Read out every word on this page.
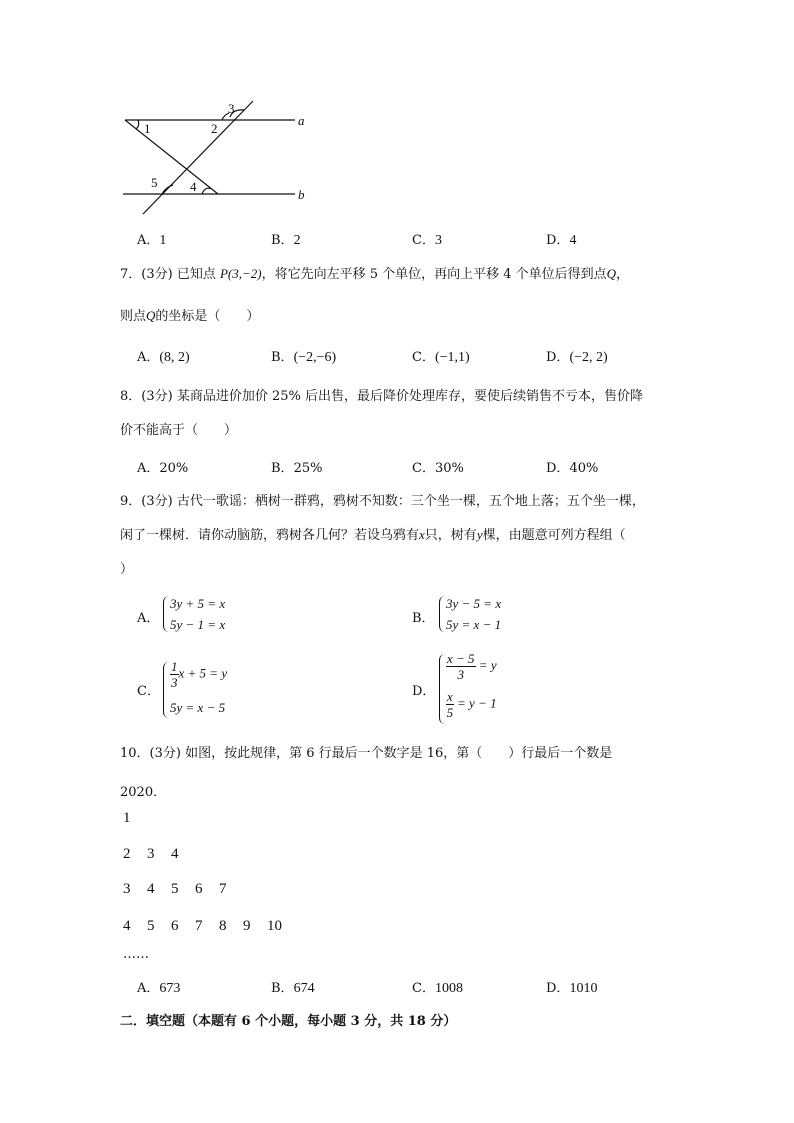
1	2
3
4
5
a
b
A．1	B．2	C．3	D．4
7．(3分) 已知点 P(3,−2)，将它先向左平移 5 个单位，再向上平移 4 个单位后得到点Q，
则点Q的坐标是（　　）
A．(8, 2)	B．(−2,−6)	C．(−1,1)	D．(−2, 2)
8．(3分) 某商品进价加价 25% 后出售，最后降价处理库存，要使后续销售不亏本，售价降
价不能高于（　　）
A．20%	B．25%	C．30%	D．40%
9．(3分) 古代一歌谣：栖树一群鸦，鸦树不知数：三个坐一棵，五个地上落；五个坐一棵，
闲了一棵树．请你动脑筋，鸦树各几何？若设乌鸦有x只，树有y棵，由题意可列方程组（
）
A．
3y + 5 = x
5y − 1 = x	B．
3y − 5 = x
5y = x − 1
C．
$\frac{1}{3}$ x + 5 = y
5y = x − 5
D．
$\frac{x - 5}{3} = y$
$\frac{x}{5} = y - 1$
10．(3分) 如图，按此规律，第 6 行最后一个数字是 16，第（　　）行最后一个数是
2020．
1
2 3 4
3 4 5 6 7
4 5 6 7 8 9 10
……
A．673	B．674	C．1008	D．1010
二．填空题（本题有 6 个小题，每小题 3 分，共 18 分）
